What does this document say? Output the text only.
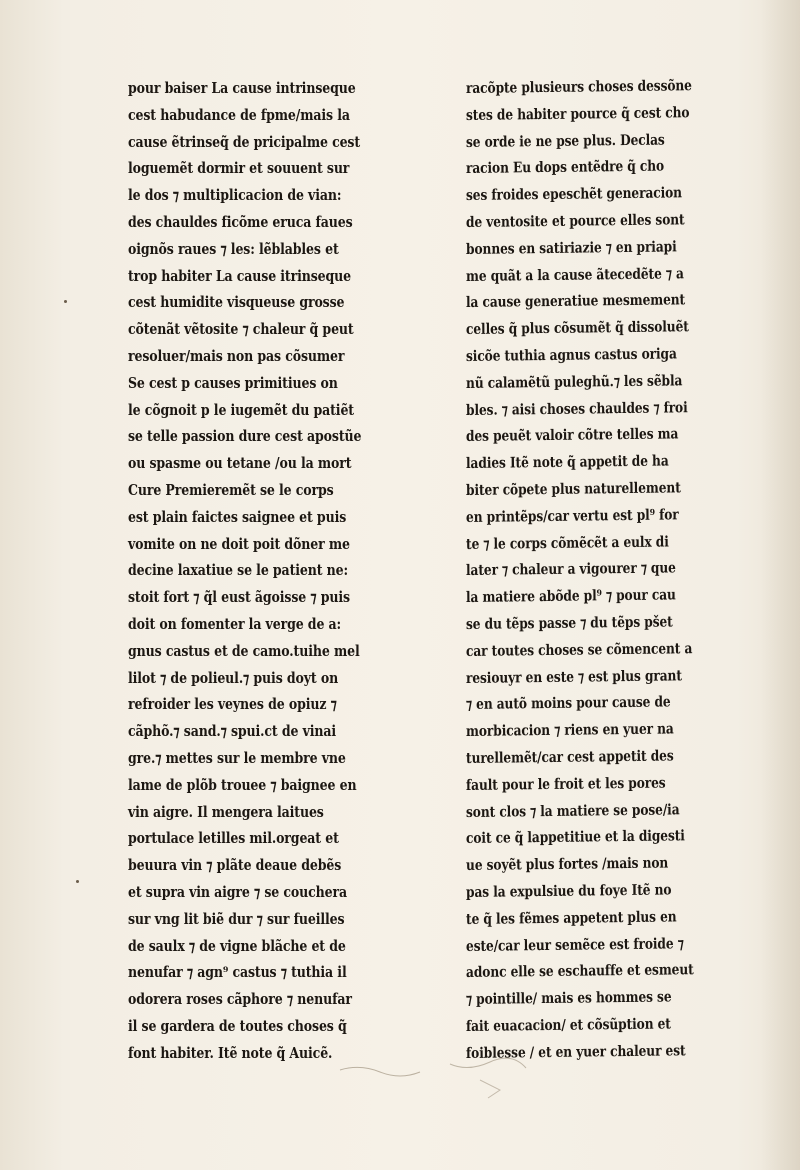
pour baiser La cause intrinseque
cest habudance de fpme/mais la
cause ẽtrinseq̃ de pricipalme cest
loguemẽt dormir et souuent sur
le dos ⁊ multiplicacion de vian:
des chauldes ficõme eruca faues
oignõs raues ⁊ les: lẽblables et
trop habiter La cause itrinseque
cest humidite visqueuse grosse
cõtenãt vẽtosite ⁊ chaleur q̃ peut
resoluer/mais non pas cõsumer
Se cest p causes primitiues on
le cõgnoit p le iugemẽt du patiẽt
se telle passion dure cest apostũe
ou spasme ou tetane /ou la mort
Cure Premieremẽt se le corps
est plain faictes saignee et puis
vomite on ne doit poit dõner me
decine laxatiue se le patient ne:
stoit fort ⁊ q̃l eust ãgoisse ⁊ puis
doit on fomenter la verge de a:
gnus castus et de camo.tuihe mel
lilot ⁊ de polieul.⁊ puis doyt on
refroider les veynes de opiuz ⁊
cãphõ.⁊ sand.⁊ spui.ct de vinai
gre.⁊ mettes sur le membre vne
lame de plõb trouee ⁊ baignee en
vin aigre. Il mengera laitues
portulace letilles mil.orgeat et
beuura vin ⁊ plãte deaue debẽs
et supra vin aigre ⁊ se couchera
sur vng lit biẽ dur ⁊ sur fueilles
de saulx ⁊ de vigne blãche et de
nenufar ⁊ agn⁹ castus ⁊ tuthia il
odorera roses cãphore ⁊ nenufar
il se gardera de toutes choses q̃
font habiter. Itẽ note q̃ Auicẽ.
racõpte plusieurs choses dessõne
stes de habiter pource q̃ cest cho
se orde ie ne pse plus. Declas
racion Eu dops entẽdre q̃ cho
ses froides epeschẽt generacion
de ventosite et pource elles sont
bonnes en satiriazie ⁊ en priapi
me quãt a la cause ãtecedẽte ⁊ a
la cause generatiue mesmement
celles q̃ plus cõsumẽt q̃ dissoluẽt
sicõe tuthia agnus castus origa
nũ calamẽtũ puleghũ.⁊ les sẽbla
bles. ⁊ aisi choses chauldes ⁊ froi
des peuẽt valoir cõtre telles ma
ladies Itẽ note q̃ appetit de ha
biter cõpete plus naturellement
en printẽps/car vertu est pl⁹ for
te ⁊ le corps cõmẽcẽt a eulx di
later ⁊ chaleur a vigourer ⁊ que
la matiere abõde pl⁹ ⁊ pour cau
se du tẽps passe ⁊ du tẽps pšet
car toutes choses se cõmencent a
resiouyr en este ⁊ est plus grant
⁊ en autõ moins pour cause de
morbicacion ⁊ riens en yuer na
turellemẽt/car cest appetit des
fault pour le froit et les pores
sont clos ⁊ la matiere se pose/ia
coit ce q̃ lappetitiue et la digesti
ue soyẽt plus fortes /mais non
pas la expulsiue du foye Itẽ no
te q̃ les fẽmes appetent plus en
este/car leur semẽce est froide ⁊
adonc elle se eschauffe et esmeut
⁊ pointille/ mais es hommes se
fait euacacion/ et cõsũption et
foiblesse / et en yuer chaleur est
